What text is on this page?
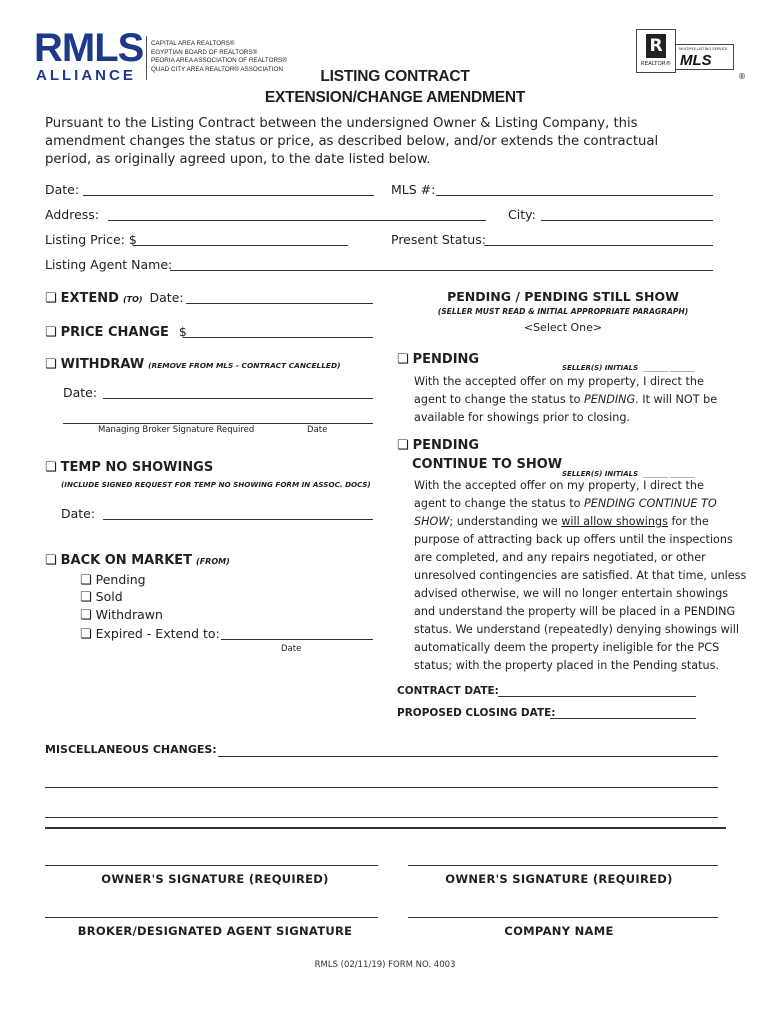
RMLS
ALLIANCE
CAPITAL AREA REALTORS®
EGYPTIAN BOARD OF REALTORS®
PEORIA AREA ASSOCIATION OF REALTORS®
QUAD CITY AREA REALTOR® ASSOCIATION	LISTING CONTRACT
EXTENSION/CHANGE AMENDMENT
R
REALTOR®
MULTIPLE LISTING SERVICE
MLS
®
Pursuant to the Listing Contract between the undersigned Owner & Listing Company, this
amendment changes the status or price, as described below, and/or extends the contractual
period, as originally agreed upon, to the date listed below.
Date:	MLS #:
Address:	City:
Listing Price: $	Present Status:
Listing Agent Name:
❏ EXTEND (TO) Date:
❏ PRICE CHANGE $
❏ WITHDRAW (REMOVE FROM MLS - CONTRACT CANCELLED)
Date:
Managing Broker Signature Required	Date
❏ TEMP NO SHOWINGS
(INCLUDE SIGNED REQUEST FOR TEMP NO SHOWING FORM IN ASSOC. DOCS)
Date:
❏ BACK ON MARKET (FROM)
❏ Pending
❏ Sold
❏ Withdrawn
❏ Expired - Extend to:
Date
PENDING / PENDING STILL SHOW
(SELLER MUST READ & INITIAL APPROPRIATE PARAGRAPH)
<Select One>
❏ PENDING
SELLER(S) INITIALS _______ _______
With the accepted offer on my property, I direct the
agent to change the status to PENDING. It will NOT be
available for showings prior to closing.
❏ PENDING
CONTINUE TO SHOW
SELLER(S) INITIALS _______ _______
With the accepted offer on my property, I direct the
agent to change the status to PENDING CONTINUE TO
SHOW; understanding we will allow showings for the
purpose of attracting back up offers until the inspections
are completed, and any repairs negotiated, or other
unresolved contingencies are satisfied. At that time, unless
advised otherwise, we will no longer entertain showings
and understand the property will be placed in a PENDING
status. We understand (repeatedly) denying showings will
automatically deem the property ineligible for the PCS
status; with the property placed in the Pending status.
CONTRACT DATE:
PROPOSED CLOSING DATE:
MISCELLANEOUS CHANGES:
OWNER'S SIGNATURE (REQUIRED)	OWNER'S SIGNATURE (REQUIRED)
BROKER/DESIGNATED AGENT SIGNATURE	COMPANY NAME
RMLS (02/11/19) FORM NO. 4003
